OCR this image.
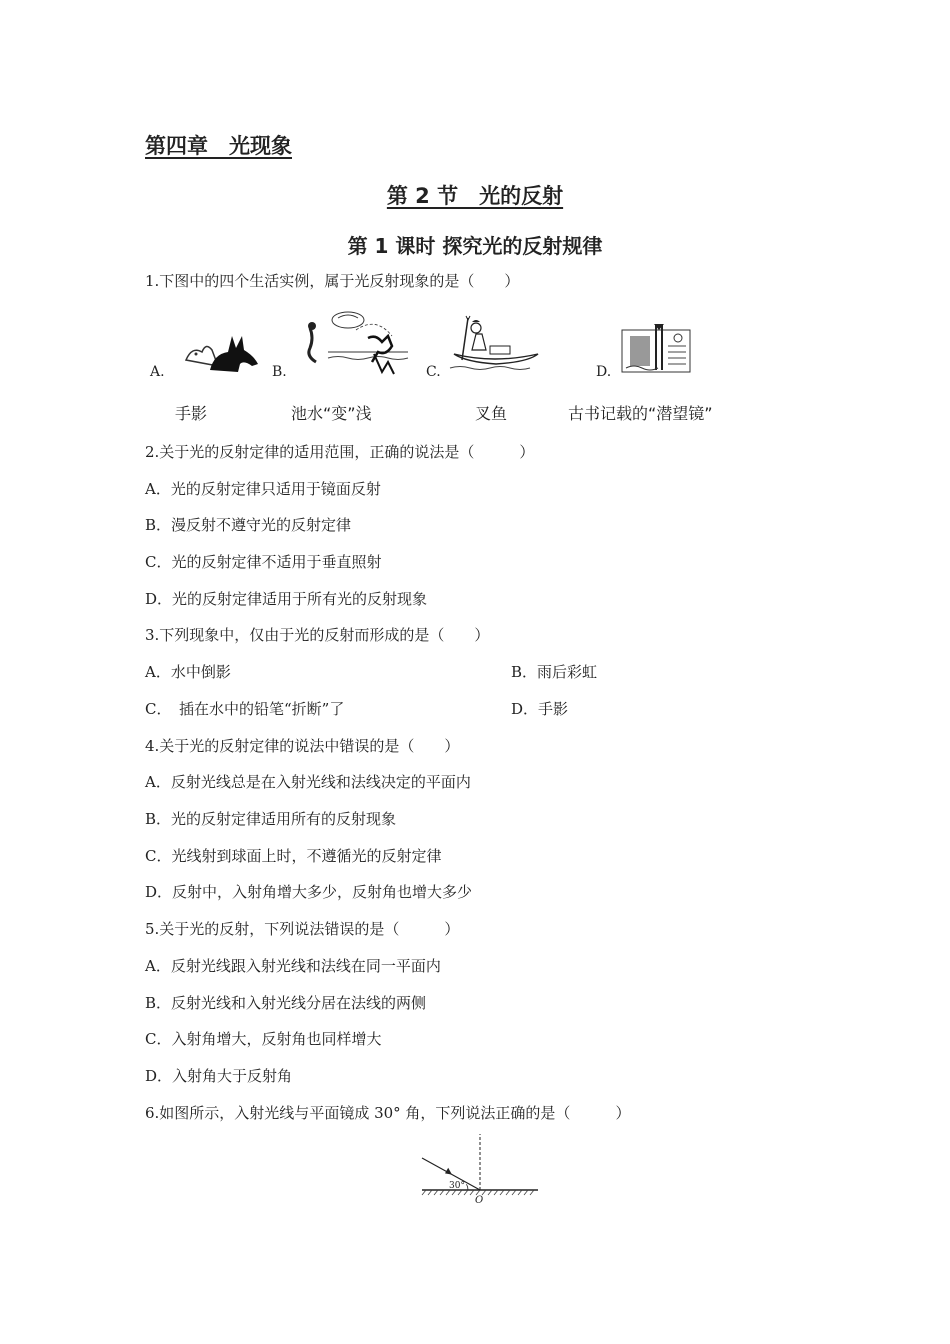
第四章　光现象
第 2 节　光的反射
第 1 课时 探究光的反射规律
1.下图中的四个生活实例，属于光反射现象的是（　　）
A.	B.	C.	D.
手影	池水“变”浅	叉鱼	古书记载的“潜望镜”
2.关于光的反射定律的适用范围，正确的说法是（　　　）
A．光的反射定律只适用于镜面反射
B．漫反射不遵守光的反射定律
C．光的反射定律不适用于垂直照射
D．光的反射定律适用于所有光的反射现象
3.下列现象中，仅由于光的反射而形成的是（　　）
A．水中倒影	B．雨后彩虹
C．　插在水中的铅笔“折断”了	D．手影
4.关于光的反射定律的说法中错误的是（　　）
A．反射光线总是在入射光线和法线决定的平面内
B．光的反射定律适用所有的反射现象
C．光线射到球面上时，不遵循光的反射定律
D．反射中，入射角增大多少，反射角也增大多少
5.关于光的反射，下列说法错误的是（　　　）
A．反射光线跟入射光线和法线在同一平面内
B．反射光线和入射光线分居在法线的两侧
C．入射角增大，反射角也同样增大
D．入射角大于反射角
6.如图所示，入射光线与平面镜成 30° 角，下列说法正确的是（　　　）
30°
O
